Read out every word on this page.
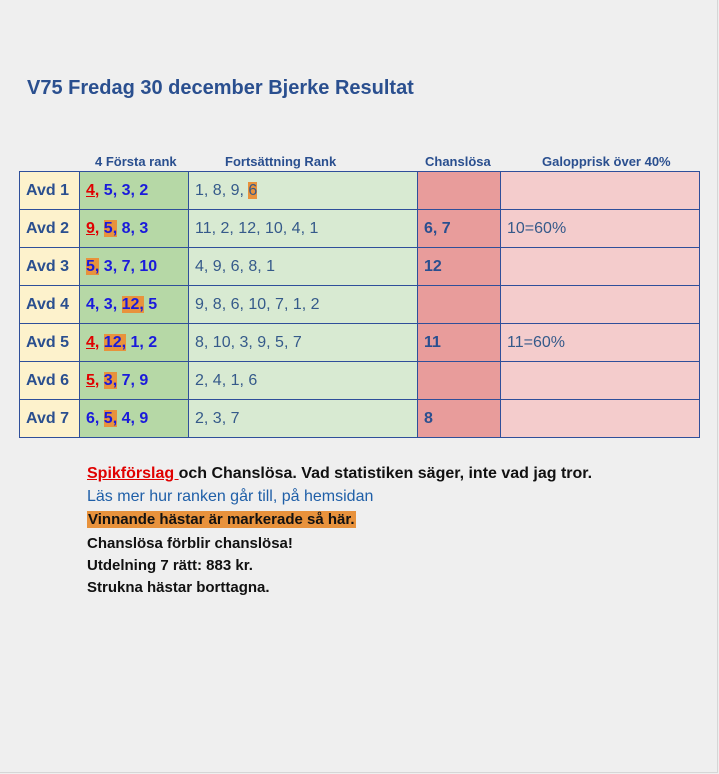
V75 Fredag 30 december Bjerke Resultat
4 Första rank	Fortsättning Rank	Chanslösa	Galopprisk över 40%
Avd 1	4, 5, 3, 2	1, 8, 9, 6		
Avd 2	9, 5, 8, 3	11, 2, 12, 10, 4, 1	6, 7	10=60%
Avd 3	5, 3, 7, 10	4, 9, 6, 8, 1	12	
Avd 4	4, 3, 12, 5	9, 8, 6, 10, 7, 1, 2		
Avd 5	4, 12, 1, 2	8, 10, 3, 9, 5, 7	11	11=60%
Avd 6	5, 3, 7, 9	2, 4, 1, 6		
Avd 7	6, 5, 4, 9	2, 3, 7	8	
Spikförslag och Chanslösa. Vad statistiken säger, inte vad jag tror.
Läs mer hur ranken går till, på hemsidan
Vinnande hästar är markerade så här.
Chanslösa förblir chanslösa!
Utdelning 7 rätt: 883 kr.
Strukna hästar borttagna.
